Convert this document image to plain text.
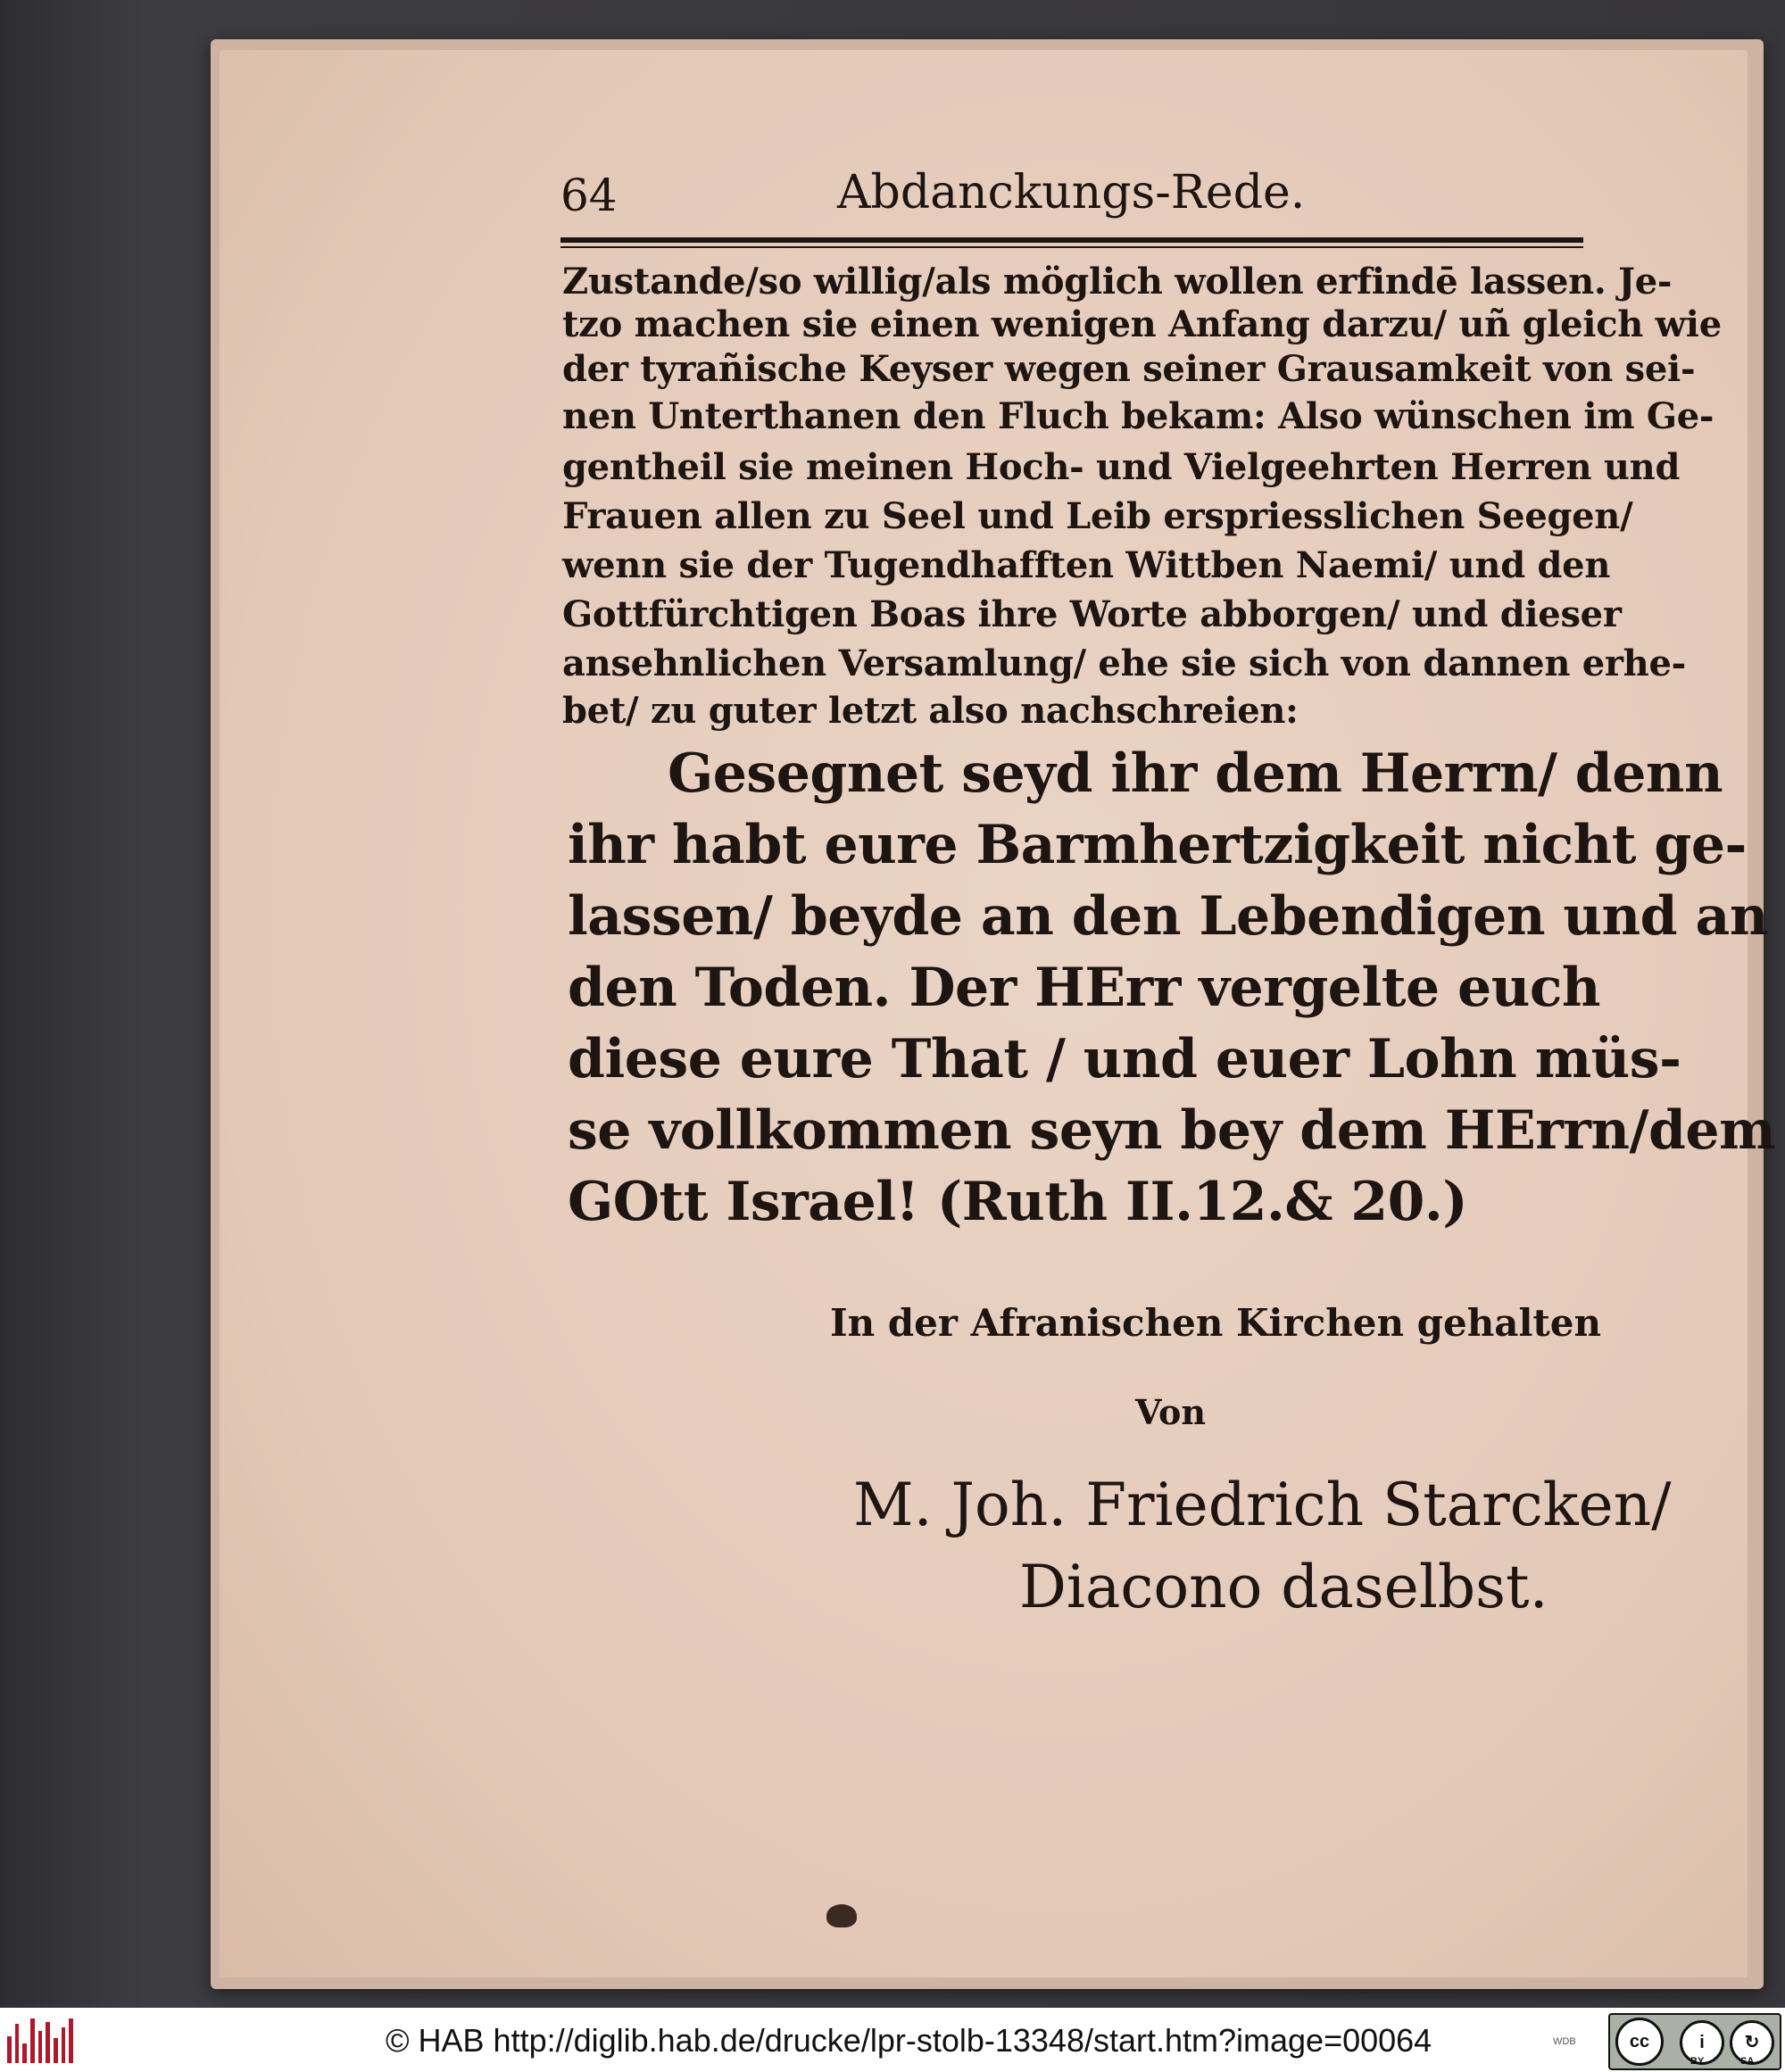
64	Abdanckungs-Rede.
Zustande/so willig/als möglich wollen erfindē lassen. Je-
tzo machen sie einen wenigen Anfang darzu/ uñ gleich wie
der tyrañische Keyser wegen seiner Grausamkeit von sei-
nen Unterthanen den Fluch bekam: Also wünschen im Ge-
gentheil sie meinen Hoch- und Vielgeehrten Herren und
Frauen allen zu Seel und Leib erspriesslichen Seegen/
wenn sie der Tugendhafften Wittben Naemi/ und den
Gottfürchtigen Boas ihre Worte abborgen/ und dieser
ansehnlichen Versamlung/ ehe sie sich von dannen erhe-
bet/ zu guter letzt also nachschreien:
Gesegnet seyd ihr dem Herrn/ denn
ihr habt eure Barmhertzigkeit nicht ge-
lassen/ beyde an den Lebendigen und an
den Toden. Der HErr vergelte euch
diese eure That / und euer Lohn müs-
se vollkommen seyn bey dem HErrn/dem
GOtt Israel! (Ruth II.12.& 20.)
In der Afranischen Kirchen gehalten
Von
M. Joh. Friedrich Starcken/
Diacono daselbst.
© HAB http://diglib.hab.de/drucke/lpr-stolb-13348/start.htm?image=00064	WDB	cc	i	↻
BY	SA
